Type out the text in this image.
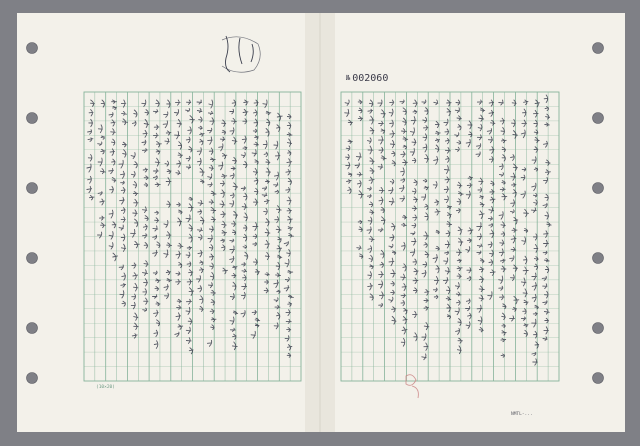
№ 002060
(10×20)
NMTL-...
